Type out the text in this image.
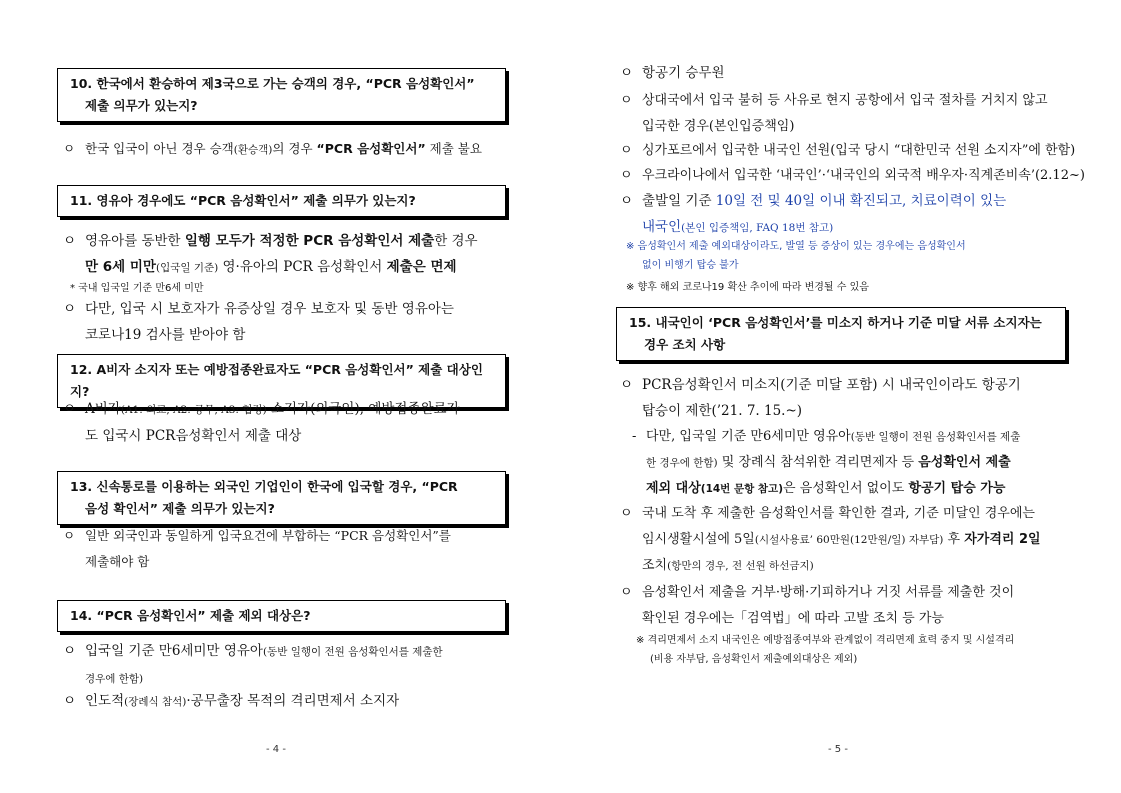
10. 한국에서 환승하여 제3국으로 가는 승객의 경우, “PCR 음성확인서”
제출 의무가 있는지?
ㅇ 한국 입국이 아닌 경우 승객(환승객)의 경우 “PCR 음성확인서” 제출 불요
11. 영유아 경우에도 “PCR 음성확인서” 제출 의무가 있는지?
ㅇ 영유아를 동반한 일행 모두가 적정한 PCR 음성확인서 제출한 경우
만 6세 미만(입국일 기준) 영·유아의 PCR 음성확인서 제출은 면제
* 국내 입국일 기준 만6세 미만
ㅇ 다만, 입국 시 보호자가 유증상일 경우 보호자 및 동반 영유아는
코로나19 검사를 받아야 함
12. A비자 소지자 또는 예방접종완료자도 “PCR 음성확인서” 제출 대상인지?
ㅇ A비자(A1: 외교, A2: 공무, A3: 협정) 소지자(외국인), 예방접종완료자
도 입국시 PCR음성확인서 제출 대상
13. 신속통로를 이용하는 외국인 기업인이 한국에 입국할 경우, “PCR
음성 확인서” 제출 의무가 있는지?
ㅇ 일반 외국인과 동일하게 입국요건에 부합하는 “PCR 음성확인서”를
제출해야 함
14. “PCR 음성확인서” 제출 제외 대상은?
ㅇ 입국일 기준 만6세미만 영유아(동반 일행이 전원 음성확인서를 제출한
경우에 한함)
ㅇ 인도적(장례식 참석)·공무출장 목적의 격리면제서 소지자
- 4 -
ㅇ 항공기 승무원
ㅇ 상대국에서 입국 불허 등 사유로 현지 공항에서 입국 절차를 거치지 않고
입국한 경우(본인입증책임)
ㅇ 싱가포르에서 입국한 내국인 선원(입국 당시 “대한민국 선원 소지자”에 한함)
ㅇ 우크라이나에서 입국한 ‘내국인’·‘내국인의 외국적 배우자·직계존비속’(2.12~)
ㅇ 출발일 기준 10일 전 및 40일 이내 확진되고, 치료이력이 있는
내국인(본인 입증책임, FAQ 18번 참고)
※ 음성확인서 제출 예외대상이라도, 발열 등 증상이 있는 경우에는 음성확인서
없이 비행기 탑승 불가
※ 향후 해외 코로나19 확산 추이에 따라 변경될 수 있음
15. 내국인이 ‘PCR 음성확인서’를 미소지 하거나 기준 미달 서류 소지자는
경우 조치 사항
ㅇ PCR음성확인서 미소지(기준 미달 포함) 시 내국인이라도 항공기
탑승이 제한(’21. 7. 15.~)
- 다만, 입국일 기준 만6세미만 영유아(동반 일행이 전원 음성확인서를 제출
한 경우에 한함) 및 장례식 참석위한 격리면제자 등 음성확인서 제출
제외 대상(14번 문항 참고)은 음성확인서 없이도 항공기 탑승 가능
ㅇ 국내 도착 후 제출한 음성확인서를 확인한 결과, 기준 미달인 경우에는
임시생활시설에 5일(시설사용료’ 60만원(12만원/일) 자부담) 후 자가격리 2일
조치(항만의 경우, 전 선원 하선금지)
ㅇ 음성확인서 제출을 거부·방해·기피하거나 거짓 서류를 제출한 것이
확인된 경우에는「검역법」에 따라 고발 조치 등 가능
※ 격리면제서 소지 내국인은 예방접종여부와 관계없이 격리면제 효력 중지 및 시설격리
(비용 자부담, 음성확인서 제출예외대상은 제외)
- 5 -
